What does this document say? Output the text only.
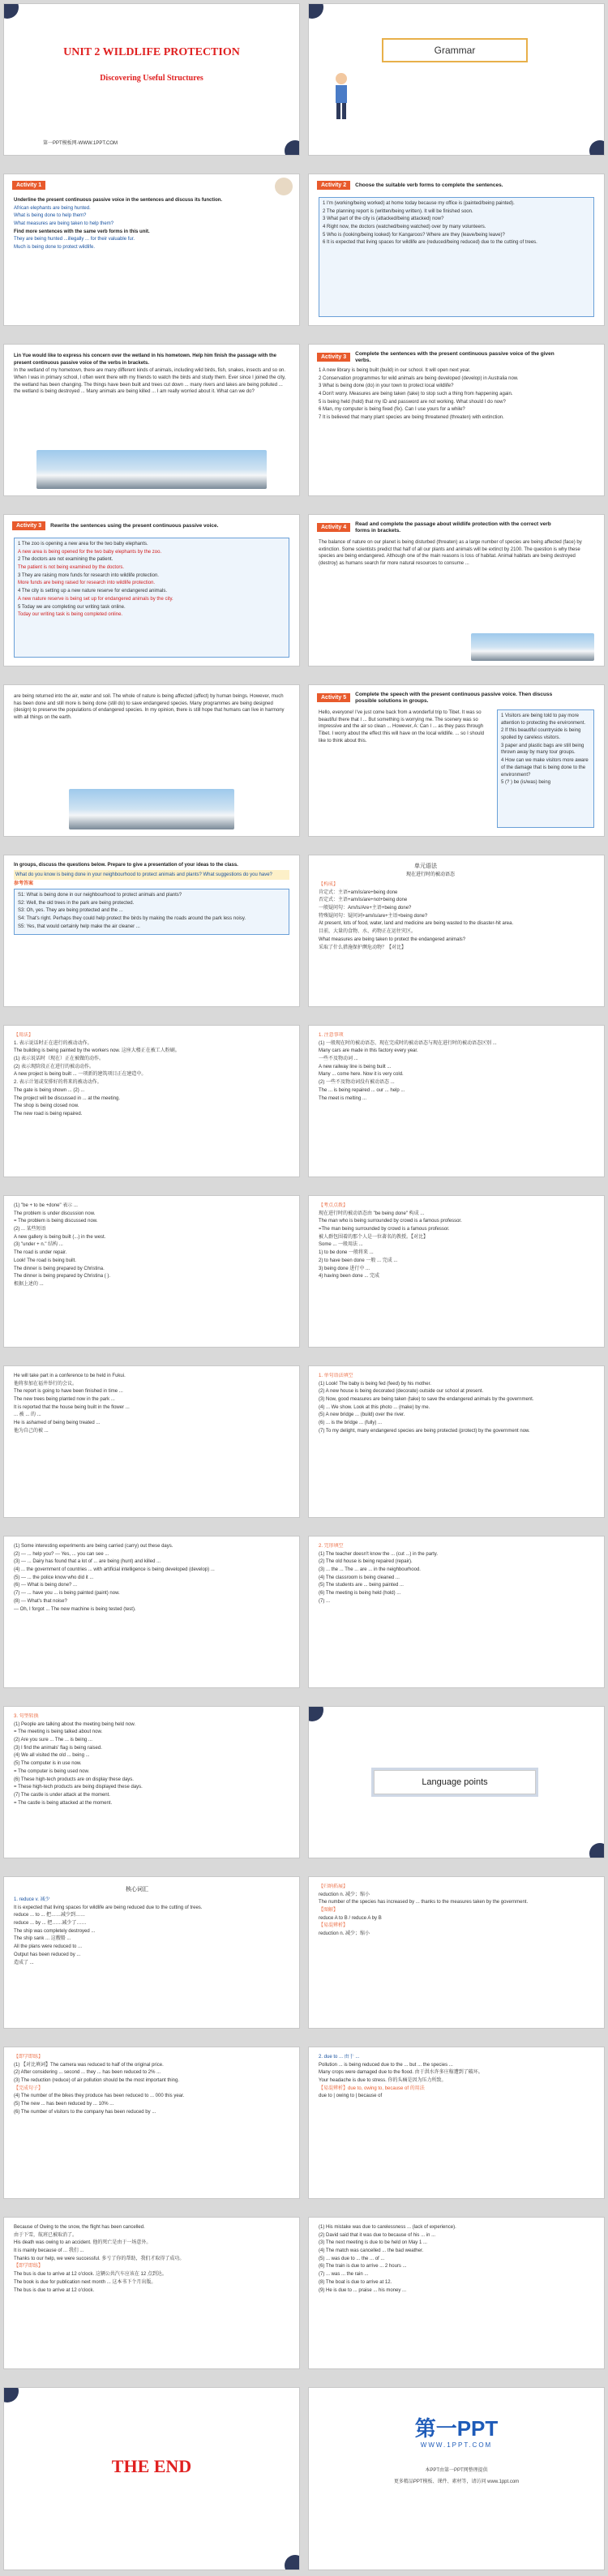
UNIT 2 WILDLIFE PROTECTION
Discovering Useful Structures
第一PPT模板网-WWW.1PPT.COM
Grammar
Activity 1

Underline the present continuous passive voice in the sentences and discuss its function.

African elephants are being hunted.

What is being done to help them?

What measures are being taken to help them?

Find more sentences with the same verb forms in this unit.

They are being hunted ...illegally ... for their valuable fur.

Much is being done to protect wildlife.

Activity 2	Choose the suitable verb forms to complete the sentences.

1 I'm (working/being worked) at home today because my office is (painted/being painted).

2 The planning report is (written/being written). It will be finished soon.

3 What part of the city is (attacked/being attacked) now?

4 Right now, the doctors (watched/being watched) over by many volunteers.

5 Who is (looking/being looked) for Kangaroos? Where are they (leave/being leave)?

6 It is expected that living spaces for wildlife are (reduced/being reduced) due to the cutting of trees.

Lin Yue would like to express his concern over the wetland in his hometown. Help him finish the passage with the present continuous passive voice of the verbs in brackets.

In the wetland of my hometown, there are many different kinds of animals, including wild birds, fish, snakes, insects and so on. When I was in primary school, I often went there with my friends to watch the birds and study them. Ever since I joined the city, the wetland has been changing. The things have been built and trees cut down ... many rivers and lakes are being polluted ... the wetland is being destroyed ... Many animals are being killed ... I am really worried about it. What can we do?

Activity 3
Complete the sentences with the present continuous passive voice of the given verbs.

1 A new library is being built (build) in our school. It will open next year.

2 Conservation programmes for wild animals are being developed (develop) in Australia now.

3 What is being done (do) in your town to protect local wildlife?

4 Don't worry. Measures are being taken (take) to stop such a thing from happening again.

5 is being held (hold) that my ID and password are not working. What should I do now?

6 Man, my computer is being fixed (fix). Can I use yours for a while?

7 It is believed that many plant species are being threatened (threaten) with extinction.

Activity 3	Rewrite the sentences using the present continuous passive voice.

1 The zoo is opening a new area for the two baby elephants.

A new area is being opened for the two baby elephants by the zoo.

2 The doctors are not examining the patient.

The patient is not being examined by the doctors.

3 They are raising more funds for research into wildlife protection.

More funds are being raised for research into wildlife protection.

4 The city is setting up a new nature reserve for endangered animals.

A new nature reserve is being set up for endangered animals by the city.

5 Today we are completing our writing task online.

Today our writing task is being completed online.

Activity 4
Read and complete the passage about wildlife protection with the correct verb forms in brackets.

The balance of nature on our planet is being disturbed (threaten) as a large number of species are being affected (face) by extinction. Some scientists predict that half of all our plants and animals will be extinct by 2100. The question is why these species are being endangered. Although one of the main reasons is loss of habitat. Animal habitats are being destroyed (destroy) as humans search for more natural resources to consume ...

are being returned into the air, water and soil. The whole of nature is being affected (affect) by human beings. However, much has been done and still more is being done (still do) to save endangered species. Many programmes are being designed (design) to preserve the populations of endangered species. In my opinion, there is still hope that humans can live in harmony with all things on the earth.

Activity 5
Complete the speech with the present continuous passive voice. Then discuss possible solutions in groups.

Hello, everyone! I've just come back from a wonderful trip to Tibet. It was so beautiful there that I ... But something is worrying me. The scenery was so impressive and the air so clean ... However, A: Can I ... as they pass through Tibet. I worry about the effect this will have on the local wildlife. ... so I should like to think about this.

1 Visitors are being told to pay more attention to protecting the environment.

2 If this beautiful countryside is being spoiled by careless visitors.

3 paper and plastic bags are still being thrown away by many tour groups.

4 How can we make visitors more aware of the damage that is being done to the environment?

5 (? ) be (is/was) being

In groups, discuss the questions below. Prepare to give a presentation of your ideas to the class.

What do you know is being done in your neighbourhood to protect animals and plants? What suggestions do you have?

参考答案

S1: What is being done in our neighbourhood to protect animals and plants?

S2: Well, the old trees in the park are being protected.

S3: Oh, yes. They are being protected and the ...

S4: That's right. Perhaps they could help protect the birds by making the roads around the park less noisy.

S5: Yes, that would certainly help make the air cleaner ...

单元语法
现在进行时的被动语态

【构成】

肯定式：主语+am/is/are+being done

否定式：主语+am/is/are+not+being done

一般疑问句：Am/Is/Are+主语+being done?

特殊疑问句：疑问词+am/is/are+主语+being done?

At present, lots of food, water, land and medicine are being wasted to the disaster-hit area.

目前，大量的食物、水、药物正在运往灾区。

What measures are being taken to protect the endangered animals?

采取了什么措施保护濒危动物？【对比】

【用法】

1. 表示说话时正在进行的被动动作。

The building is being painted by the workers now. 这座大楼正在被工人粉刷。

(1) 表示说话时（现在）正在被做的动作。

(2) 表示现阶段正在进行的被动动作。

A new project is being built ... 一项新的建筑项目正在建造中。

2. 表示计划或安排好的将来的被动动作。

The gate is being shown ... (2) ...

The project will be discussed in ... at the meeting.

The shop is being closed now.

The new road is being repaired.

1. 注意事项

(1) 一般现在时的被动语态、现在完成时的被动语态与现在进行时的被动语态区别 ...

Many cars are made in this factory every year.

一些不及物动词 ...

A new railway line is being built ...

Many ... come here. Now it is very cold.

(2) 一些不及物动词没有被动语态 ...

The ... is being repaired ... our ... help ...

The meet is melting ...

(1) "be + to be +done" 表示 ...

The problem is under discussion now.

= The problem is being discussed now.

(2) ... 某些短语

A new gallery is being built (...) in the west.

(3) "under + n." 结构 ...

The road is under repair.

Look! The road is being built.

The dinner is being prepared by Christina.

The dinner is being prepared by Christina ( ).

根据上述的 ...

【考点点拨】

现在进行时的被动语态由 "be being done" 构成 ...

The man who is being surrounded by crowd is a famous professor.

=The man being surrounded by crowd is a famous professor.

被人群包围着的那个人是一位著名的教授。【对比】

Some ... 一般用法 ...

1) to be done 一般将来 ...

2) to have been done 一般 ... 完成 ...

3) being done 进行中 ...

4) having been done ... 完成

He will take part in a conference to be held in Fukui.

他将参加在福井举行的会议。

The report is going to have been finished in time ...

The new trees being planted now in the park ...

It is reported that the house being built in the flower ...

... 被 ... 的 ...

He is ashamed of being being treated ...

他为自己的被 ...

1. 单句语法填空

(1) Look! The baby is being fed (feed) by his mother.

(2) A new house is being decorated (decorate) outside our school at present.

(3) Now, good measures are being taken (take) to save the endangered animals by the government.

(4) ... We show. Look at this photo ... (make) by me.

(5) A new bridge ... (build) over the river.

(6) ... is the bridge ... (fully) ...

(7) To my delight, many endangered species are being protected (protect) by the government now.

(1) Some interesting experiments are being carried (carry) out these days.

(2) --- ... help you? --- Yes, ... you can see ...

(3) --- ... Dairy has found that a lot of ... are being (hunt) and killed ...

(4) ... the government of countries ... with artificial intelligence is being developed (develop) ...

(5) --- ... the police know who did it ...

(6) --- What is being done? ...

(7) --- ... have you ... is being painted (paint) now.

(8) --- What's that noise?

--- Oh, I forgot ... The new machine is being tested (test).

2. 完形填空

(1) The teacher doesn't know the ... (cut ...) in the party.

(2) The old house is being repaired (repair).

(3) ... the ... The ... are ... in the neighbourhood.

(4) The classroom is being cleaned ...

(5) The students are ... being painted ...

(6) The meeting is being held (hold) ...

(7) ...

3. 句型转换

(1) People are talking about the meeting being held now.

= The meeting is being talked about now.

(2) Are you sure ... The ... is being ...

(3) I find the animals' flag is being raised.

(4) We all visited the old ... being ...

(5) The computer is in use now.

= The computer is being used now.

(6) These high-tech products are on display these days.

= These high-tech products are being displayed these days.

(7) The castle is under attack at the moment.

= The castle is being attacked at the moment.

Language points
核心词汇

1. reduce v. 减少

It is expected that living spaces for wildlife are being reduced due to the cutting of trees.

reduce ... to ... 把……减少到……

reduce ... by ... 把……减少了……

The ship was completely destroyed ...

The ship sank ... 这艘船 ...

All the plans were reduced to ...

Output has been reduced by ...

造成了 ...

【归纳拓展】

reduction n. 减少；缩小

The number of the species has increased by ... thanks to the measures taken by the government.

【图解】

reduce A to B / reduce A by B

【易混辨析】

reduction n. 减少；缩小

【即学即练】

(1) 【对比填词】The camera was reduced to half of the original price.

(2) After considering ... second ... they ... has been reduced to 2% ...

(3) The reduction (reduce) of air pollution should be the most important thing.

【完成句子】

(4) The number of the bikes they produce has been reduced to ... 000 this year.

(5) The new ... has been reduced by ... 10% ...

(6) The number of visitors to the company has been reduced by ...

2. due to ... 由于 ...

Pollution ... is being reduced due to the ... but ... the species ...

Many crops were damaged due to the flood. 由于洪水许多庄稼遭到了破坏。

Your headache is due to stress. 你的头痛是因为压力所致。

【易混辨析】due to, owing to, because of 的用法

due to | owing to | because of

Because of Owing to the snow, the flight has been cancelled.

由于下雪，航班已被取消了。

His death was owing to an accident. 他的死亡是由于一场意外。

It is mainly because of ... 我们 ...

Thanks to our help, we were successful. 多亏了你的帮助，我们才取得了成功。

【即学即练】

The bus is due to arrive at 12 o'clock. 这辆公共汽车应该在 12 点到达。

The book is due for publication next month ... 这本书下个月出版。

The bus is due to arrive at 12 o'clock.

(1) His mistake was due to carelessness ... (lack of experience).

(2) David said that it was due to because of his ... in ...

(3) The next meeting is due to be held on May 1 ...

(4) The match was cancelled ... the bad weather.

(5) ... was due to ... the ... of ...

(6) The train is due to arrive ... 2 hours ...

(7) ... was ... the rain ...

(8) The boat is due to arrive at 12.

(9) He is due to ... praise ... his money ...

THE END
第一PPT
WWW.1PPT.COM
本PPT由第一PPT网整理提供
更多精品PPT模板、课件、素材等，请访问 www.1ppt.com
